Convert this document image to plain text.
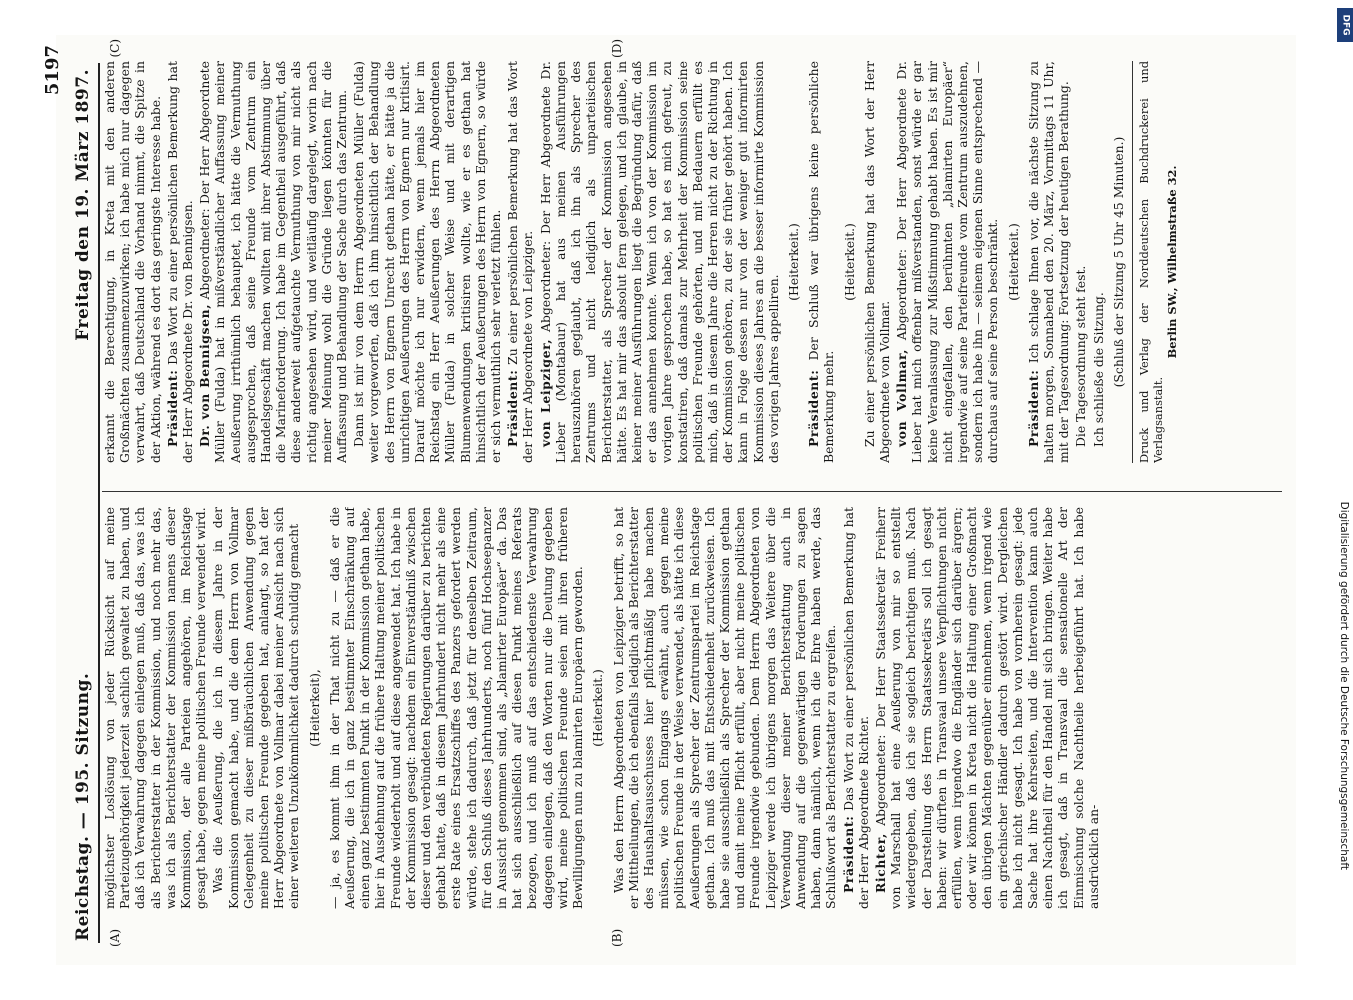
Reichstag. — 195. Sitzung.
Freitag den 19. März 1897.
5197
(A)	(B)

möglichster Loslösung von jeder Rücksicht auf meine Parteizugehörigkeit jederzeit sachlich gewaltet zu haben, und daß ich Verwahrung dagegen einlegen muß, daß das, was ich als Berichterstatter in der Kommission, und noch mehr das, was ich als Berichterstatter der Kommission namens dieser Kommission, der alle Parteien angehören, im Reichstage gesagt habe, gegen meine politischen Freunde verwendet wird. Was die Aeußerung, die ich in diesem Jahre in der Kommission gemacht habe, und die dem Herrn von Vollmar Gelegenheit zu dieser mißbräuchlichen Anwendung gegen meine politischen Freunde gegeben hat, anlangt, so hat der Herr Abgeordnete von Vollmar dabei meiner Ansicht nach sich einer weiteren Unzukömmlichkeit dadurch schuldig gemacht (Heiterkeit), — ja, es kommt ihm in der That nicht zu — daß er die Aeußerung, die ich in ganz bestimmter Einschränkung auf einen ganz bestimmten Punkt in der Kommission gethan habe, hier in Ausdehnung auf die frühere Haltung meiner politischen Freunde wiederholt und auf diese angewendet hat. Ich habe in der Kommission gesagt: nachdem ein Einverständniß zwischen dieser und den verbündeten Regierungen darüber zu berichten gehabt hatte, daß in diesem Jahrhundert nicht mehr als eine erste Rate eines Ersatzschiffes des Panzers gefordert werden würde, stehe ich dadurch, daß jetzt für denselben Zeitraum, für den Schluß dieses Jahrhunderts, noch fünf Hochseepanzer in Aussicht genommen sind, als „blamirter Europäer“ da. Das hat sich ausschließlich auf diesen Punkt meines Referats bezogen, und ich muß auf das entschiedenste Verwahrung dagegen einlegen, daß den Worten nur die Deutung gegeben wird, meine politischen Freunde seien mit ihren früheren Bewilligungen nun zu blamirten Europäern geworden. (Heiterkeit.) Was den Herrn Abgeordneten von Leipziger betrifft, so hat er Mittheilungen, die ich ebenfalls lediglich als Berichterstatter des Haushaltsausschusses hier pflichtmäßig habe machen müssen, wie schon Eingangs erwähnt, auch gegen meine politischen Freunde in der Weise verwendet, als hätte ich diese Aeußerungen als Sprecher der Zentrumspartei im Reichstage gethan. Ich muß das mit Entschiedenheit zurückweisen. Ich habe sie ausschließlich als Sprecher der Kommission gethan und damit meine Pflicht erfüllt, aber nicht meine politischen Freunde irgendwie gebunden. Dem Herrn Abgeordneten von Leipziger werde ich übrigens morgen das Weitere über die Verwendung dieser meiner Berichterstattung auch in Anwendung auf die gegenwärtigen Forderungen zu sagen haben, dann nämlich, wenn ich die Ehre haben werde, das Schlußwort als Berichterstatter zu ergreifen. Präsident: Das Wort zu einer persönlichen Bemerkung hat der Herr Abgeordnete Richter. Richter, Abgeordneter: Der Herr Staatssekretär Freiherr von Marschall hat eine Aeußerung von mir so entstellt wiedergegeben, daß ich sie sogleich berichtigen muß. Nach der Darstellung des Herrn Staatssekretärs soll ich gesagt haben: wir dürften in Transvaal unsere Verpflichtungen nicht erfüllen, wenn irgendwo die Engländer sich darüber ärgern; oder wir können in Kreta nicht die Haltung einer Großmacht den übrigen Mächten gegenüber einnehmen, wenn irgend wie ein griechischer Händler dadurch gestört wird. Dergleichen habe ich nicht gesagt. Ich habe von vornherein gesagt: jede Sache hat ihre Kehrseiten, und die Intervention kann auch einen Nachtheil für den Handel mit sich bringen. Weiter habe ich gesagt, daß in Transvaal die sensationelle Art der Einmischung solche Nachtheile herbeigeführt hat. Ich habe ausdrücklich an-

erkannt die Berechtigung, in Kreta mit den anderen Großmächten zusammenzuwirken; ich habe mich nur dagegen verwahrt, daß Deutschland die Vorhand nimmt, die Spitze in der Aktion, während es dort das geringste Interesse habe. Präsident: Das Wort zu einer persönlichen Bemerkung hat der Herr Abgeordnete Dr. von Bennigsen. Dr. von Bennigsen, Abgeordneter: Der Herr Abgeordnete Müller (Fulda) hat in mißverständlicher Auffassung meiner Aeußerung irrthümlich behauptet, ich hätte die Vermuthung ausgesprochen, daß seine Freunde vom Zentrum ein Handelsgeschäft machen wollten mit ihrer Abstimmung über die Marineforderung. Ich habe im Gegentheil ausgeführt, daß diese anderweit aufgetauchte Vermuthung von mir nicht als richtig angesehen wird, und weitläufig dargelegt, worin nach meiner Meinung wohl die Gründe liegen könnten für die Auffassung und Behandlung der Sache durch das Zentrum. Dann ist mir von dem Herrn Abgeordneten Müller (Fulda) weiter vorgeworfen, daß ich ihm hinsichtlich der Behandlung des Herrn von Egnern Unrecht gethan hätte, er hätte ja die unrichtigen Aeußerungen des Herrn von Egnern nur kritisirt. Darauf möchte ich nur erwidern, wenn jemals hier im Reichstag ein Herr Aeußerungen des Herrn Abgeordneten Müller (Fulda) in solcher Weise und mit derartigen Blumenwendungen kritisiren wollte, wie er es gethan hat hinsichtlich der Aeußerungen des Herrn von Egnern, so würde er sich vermuthlich sehr verletzt fühlen. Präsident: Zu einer persönlichen Bemerkung hat das Wort der Herr Abgeordnete von Leipziger. von Leipziger, Abgeordneter: Der Herr Abgeordnete Dr. Lieber (Montabaur) hat aus meinen Ausführungen herauszuhören geglaubt, daß ich ihn als Sprecher des Zentrums und nicht lediglich als unparteiischen Berichterstatter, als Sprecher der Kommission angesehen hätte. Es hat mir das absolut fern gelegen, und ich glaube, in keiner meiner Ausführungen liegt die Begründung dafür, daß er das annehmen konnte. Wenn ich von der Kommission im vorigen Jahre gesprochen habe, so hat es mich gefreut, zu konstatiren, daß damals zur Mehrheit der Kommission seine politischen Freunde gehörten, und mit Bedauern erfüllt es mich, daß in diesem Jahre die Herren nicht zu der Richtung in der Kommission gehören, zu der sie früher gehört haben. Ich kann in Folge dessen nur von der weniger gut informirten Kommission dieses Jahres an die besser informirte Kommission des vorigen Jahres appelliren.

(Heiterkeit.)

Präsident: Der Schluß war übrigens keine persönliche Bemerkung mehr.

(Heiterkeit.) Zu einer persönlichen Bemerkung hat das Wort der Herr Abgeordnete von Vollmar. von Vollmar, Abgeordneter: Der Herr Abgeordnete Dr. Lieber hat mich offenbar mißverstanden, sonst würde er gar keine Veranlassung zur Mißstimmung gehabt haben. Es ist mir nicht eingefallen, den berühmten „blamirten Europäer“ irgendwie auf seine Parteifreunde vom Zentrum auszudehnen, sondern ich habe ihn — seinem eigenen Sinne entsprechend — durchaus auf seine Person beschränkt. (Heiterkeit.)

Präsident: Ich schlage Ihnen vor, die nächste Sitzung zu halten morgen, Sonnabend den 20. März, Vormittags 11 Uhr, mit der Tagesordnung: Fortsetzung der heutigen Berathung. Die Tagesordnung steht fest. Ich schließe die Sitzung. (Schluß der Sitzung 5 Uhr 45 Minuten.) Druck und Verlag der Norddeutschen Buchdruckerei und Verlagsanstalt.
Berlin SW., Wilhelmstraße 32.
(C)	(D)
Digitalisierung gefördert durch die Deutsche Forschungsgemeinschaft
DFG
